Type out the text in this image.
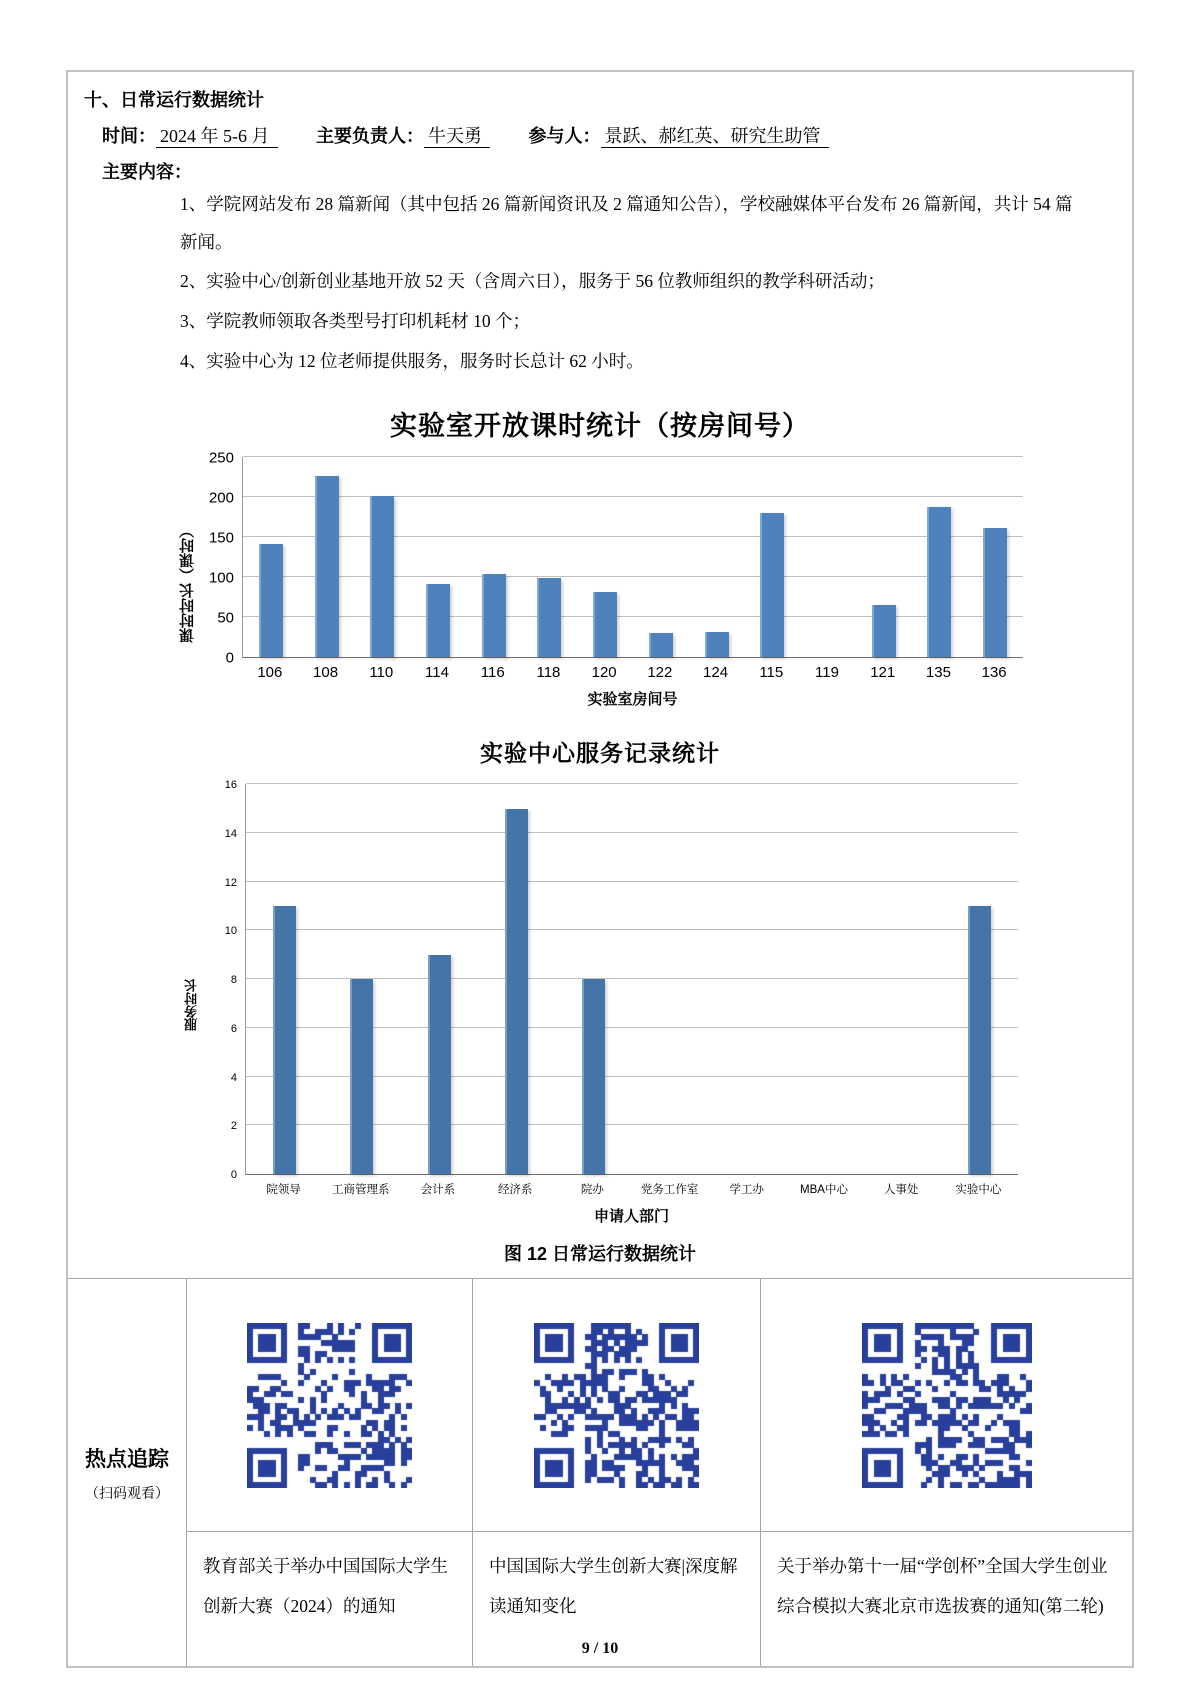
十、日常运行数据统计
时间： 2024 年 5-6 月	主要负责人： 牛天勇	参与人： 景跃、郝红英、研究生助管
主要内容：
1、学院网站发布 28 篇新闻（其中包括 26 篇新闻资讯及 2 篇通知公告），学校融媒体平台发布 26 篇新闻，共计 54 篇新闻。
2、实验中心/创新创业基地开放 52 天（含周六日），服务于 56 位教师组织的教学科研活动；
3、学院教师领取各类型号打印机耗材 10 个；
4、实验中心为 12 位老师提供服务，服务时长总计 62 小时。
实验室开放课时统计（按房间号）
课时时长（课时）
0
50
100
150
200
250
106 108 110 114 116 118 120 122 124 115 119 121 135 136
实验室房间号
实验中心服务记录统计
服务时长
0
2
4
6
8
10
12
14
16
院领导	工商管理系	会计系	经济系	院办	党务工作室	学工办	MBA中心	人事处	实验中心
申请人部门
图 12 日常运行数据统计
热点追踪
（扫码观看）
教育部关于举办中国国际大学生创新大赛（2024）的通知
中国国际大学生创新大赛|深度解读通知变化
关于举办第十一届“学创杯”全国大学生创业综合模拟大赛北京市选拔赛的通知(第二轮)
9 / 10
